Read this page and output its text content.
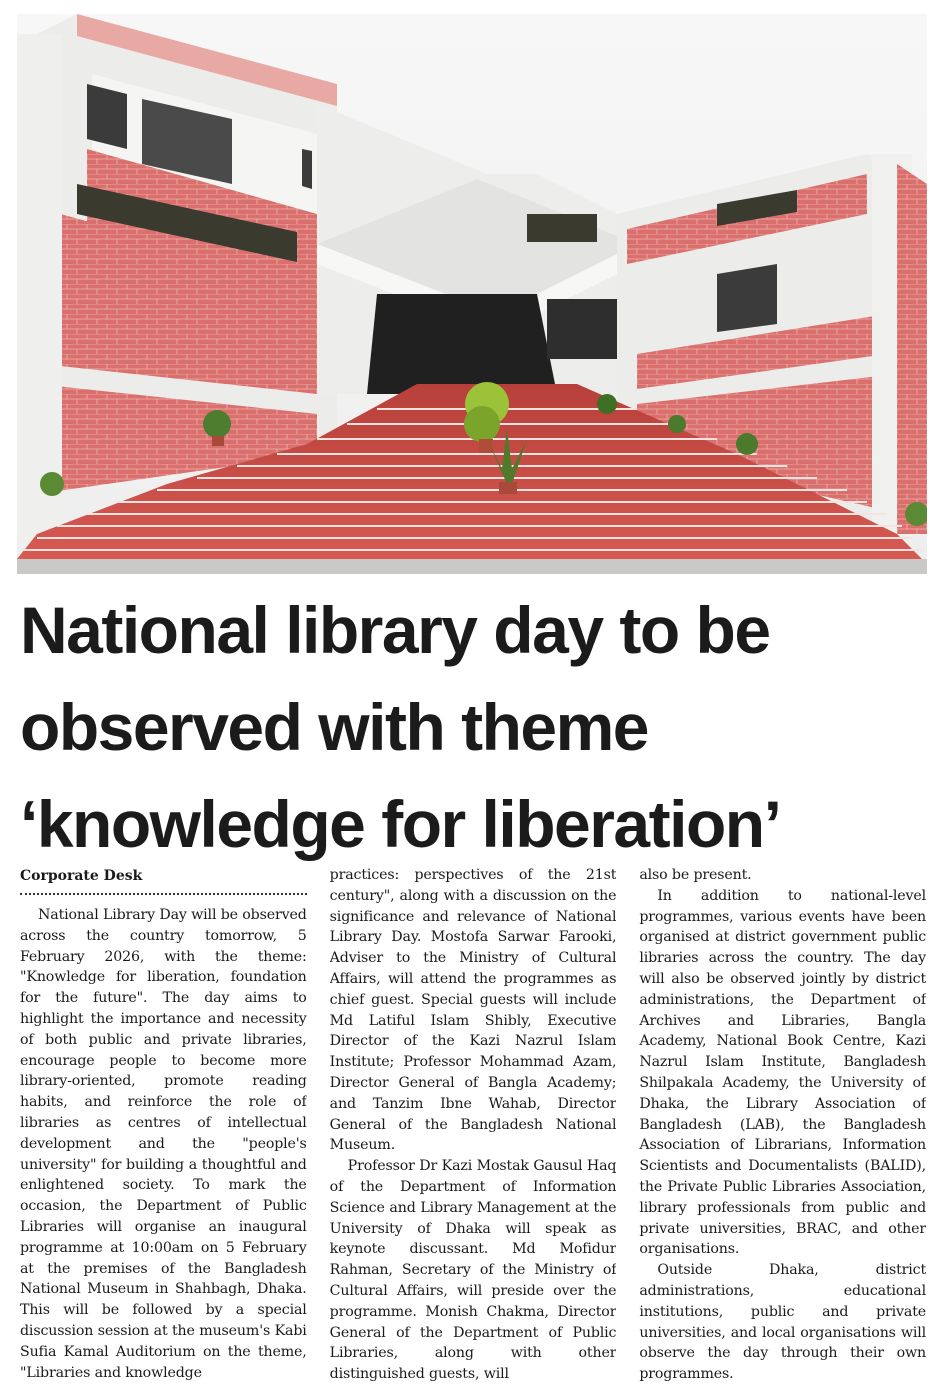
National library day to be
observed with theme
‘knowledge for liberation’
Corporate Desk

National Library Day will be observed across the country tomorrow, 5 February 2026, with the theme: "Knowledge for liberation, foundation for the future". The day aims to highlight the importance and necessity of both public and private libraries, encourage people to become more library-oriented, promote reading habits, and reinforce the role of libraries as centres of intellectual development and the "people's university" for building a thoughtful and enlightened society. To mark the occasion, the Department of Public Libraries will organise an inaugural programme at 10:00am on 5 February at the premises of the Bangladesh National Museum in Shahbagh, Dhaka. This will be followed by a special discussion session at the museum's Kabi Sufia Kamal Auditorium on the theme, "Libraries and knowledge

practices: perspectives of the 21st century", along with a discussion on the significance and relevance of National Library Day. Mostofa Sarwar Farooki, Adviser to the Ministry of Cultural Affairs, will attend the programmes as chief guest. Special guests will include Md Latiful Islam Shibly, Executive Director of the Kazi Nazrul Islam Institute; Professor Mohammad Azam, Director General of Bangla Academy; and Tanzim Ibne Wahab, Director General of the Bangladesh National Museum.

Professor Dr Kazi Mostak Gausul Haq of the Department of Information Science and Library Management at the University of Dhaka will speak as keynote discussant. Md Mofidur Rahman, Secretary of the Ministry of Cultural Affairs, will preside over the programme. Monish Chakma, Director General of the Department of Public Libraries, along with other distinguished guests, will

also be present.

In addition to national-level programmes, various events have been organised at district government public libraries across the country. The day will also be observed jointly by district administrations, the Department of Archives and Libraries, Bangla Academy, National Book Centre, Kazi Nazrul Islam Institute, Bangladesh Shilpakala Academy, the University of Dhaka, the Library Association of Bangladesh (LAB), the Bangladesh Association of Librarians, Information Scientists and Documentalists (BALID), the Private Public Libraries Association, library professionals from public and private universities, BRAC, and other organisations.

Outside Dhaka, district administrations, educational institutions, public and private universities, and local organisations will observe the day through their own programmes.
